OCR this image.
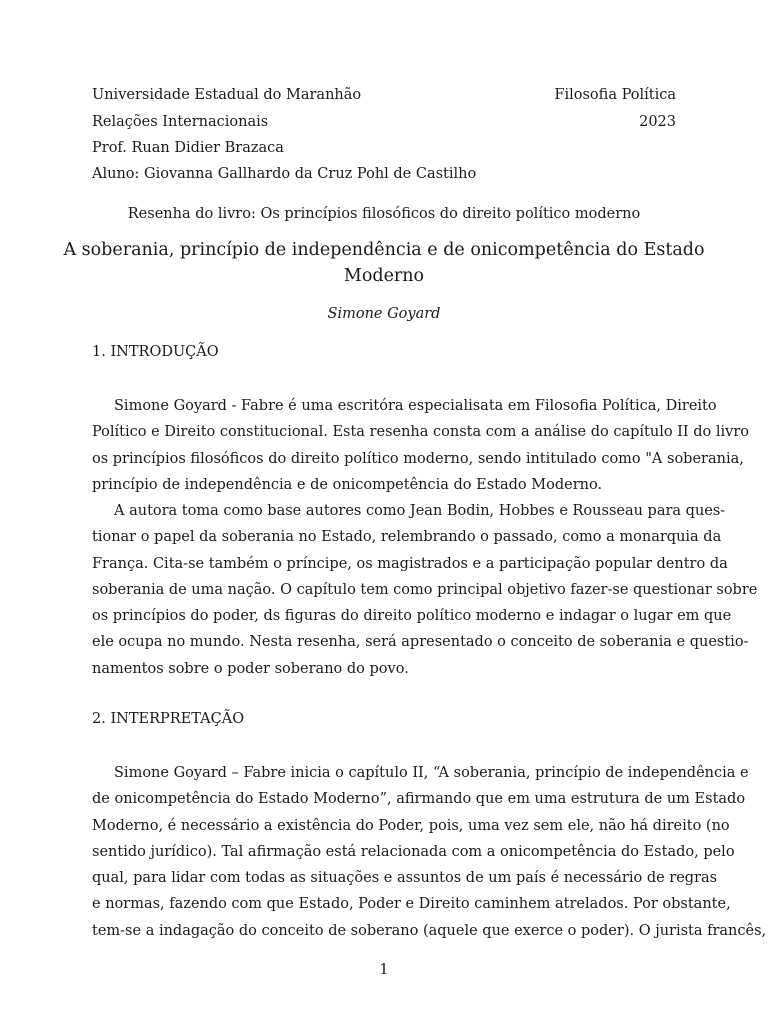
Universidade Estadual do Maranhão	Filosofia Política
Relações Internacionais	2023
Prof. Ruan Didier Brazaca
Aluno: Giovanna Gallhardo da Cruz Pohl de Castilho
Resenha do livro: Os princípios filosóficos do direito político moderno
A soberania, princípio de independência e de onicompetência do Estado
Moderno
Simone Goyard
1. INTRODUÇÃO
Simone Goyard - Fabre é uma escritóra especialisata em Filosofia Política, Direito
Político e Direito constitucional. Esta resenha consta com a análise do capítulo II do livro
os princípios filosóficos do direito político moderno, sendo intitulado como "A soberania,
princípio de independência e de onicompetência do Estado Moderno.
A autora toma como base autores como Jean Bodin, Hobbes e Rousseau para ques-
tionar o papel da soberania no Estado, relembrando o passado, como a monarquia da
França. Cita-se também o príncipe, os magistrados e a participação popular dentro da
soberania de uma nação. O capítulo tem como principal objetivo fazer-se questionar sobre
os princípios do poder, ds figuras do direito político moderno e indagar o lugar em que
ele ocupa no mundo. Nesta resenha, será apresentado o conceito de soberania e questio-
namentos sobre o poder soberano do povo.
2. INTERPRETAÇÃO
Simone Goyard – Fabre inicia o capítulo II, “A soberania, princípio de independência e
de onicompetência do Estado Moderno”, afirmando que em uma estrutura de um Estado
Moderno, é necessário a existência do Poder, pois, uma vez sem ele, não há direito (no
sentido jurídico). Tal afirmação está relacionada com a onicompetência do Estado, pelo
qual, para lidar com todas as situações e assuntos de um país é necessário de regras
e normas, fazendo com que Estado, Poder e Direito caminhem atrelados. Por obstante,
tem-se a indagação do conceito de soberano (aquele que exerce o poder). O jurista francês,
1
